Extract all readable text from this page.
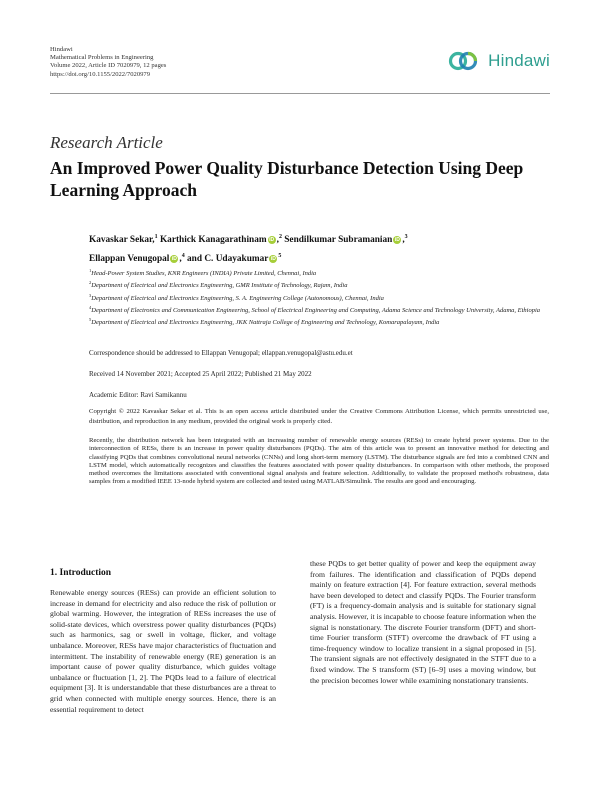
Hindawi
Mathematical Problems in Engineering
Volume 2022, Article ID 7020979, 12 pages
https://doi.org/10.1155/2022/7020979
Hindawi
Research Article
An Improved Power Quality Disturbance Detection Using Deep Learning Approach
Kavaskar Sekar,$^1$ Karthick Kanagarathinam iD ,$^2$ Sendilkumar Subramanian iD ,$^3$
Ellappan Venugopal iD ,$^4$ and C. Udayakumar iD $^5$
$^1$Head-Power System Studies, KNR Engineers (INDIA) Private Limited, Chennai, India
$^2$Department of Electrical and Electronics Engineering, GMR Institute of Technology, Rajam, India
$^3$Department of Electrical and Electronics Engineering, S. A. Engineering College (Autonomous), Chennai, India
$^4$Department of Electronics and Communication Engineering, School of Electrical Engineering and Computing, Adama Science and Technology University, Adama, Ethiopia
$^5$Department of Electrical and Electronics Engineering, JKK Nattraja College of Engineering and Technology, Komarapalayam, India
Correspondence should be addressed to Ellappan Venugopal; ellappan.venugopal@astu.edu.et
Received 14 November 2021; Accepted 25 April 2022; Published 21 May 2022
Academic Editor: Ravi Samikannu
Copyright © 2022 Kavaskar Sekar et al. This is an open access article distributed under the Creative Commons Attribution License, which permits unrestricted use, distribution, and reproduction in any medium, provided the original work is properly cited.
Recently, the distribution network has been integrated with an increasing number of renewable energy sources (RESs) to create hybrid power systems. Due to the interconnection of RESs, there is an increase in power quality disturbances (PQDs). The aim of this article was to present an innovative method for detecting and classifying PQDs that combines convolutional neural networks (CNNs) and long short-term memory (LSTM). The disturbance signals are fed into a combined CNN and LSTM model, which automatically recognizes and classifies the features associated with power quality disturbances. In comparison with other methods, the proposed method overcomes the limitations associated with conventional signal analysis and feature selection. Additionally, to validate the proposed method's robustness, data samples from a modified IEEE 13-node hybrid system are collected and tested using MATLAB/Simulink. The results are good and encouraging.
1. Introduction
Renewable energy sources (RESs) can provide an efficient solution to increase in demand for electricity and also reduce the risk of pollution or global warming. However, the integration of RESs increases the use of solid-state devices, which overstress power quality disturbances (PQDs) such as harmonics, sag or swell in voltage, flicker, and voltage unbalance. Moreover, RESs have major characteristics of fluctuation and intermittent. The instability of renewable energy (RE) generation is an important cause of power quality disturbance, which guides voltage unbalance or fluctuation [1, 2]. The PQDs lead to a failure of electrical equipment [3]. It is understandable that these disturbances are a threat to grid when connected with multiple energy sources. Hence, there is an essential requirement to detect
these PQDs to get better quality of power and keep the equipment away from failures. The identification and classification of PQDs depend mainly on feature extraction [4]. For feature extraction, several methods have been developed to detect and classify PQDs. The Fourier transform (FT) is a frequency-domain analysis and is suitable for stationary signal analysis. However, it is incapable to choose feature information when the signal is nonstationary. The discrete Fourier transform (DFT) and short-time Fourier transform (STFT) overcome the drawback of FT using a time-frequency window to localize transient in a signal proposed in [5]. The transient signals are not effectively designated in the STFT due to a fixed window. The S transform (ST) [6–9] uses a moving window, but the precision becomes lower while examining nonstationary transients.
